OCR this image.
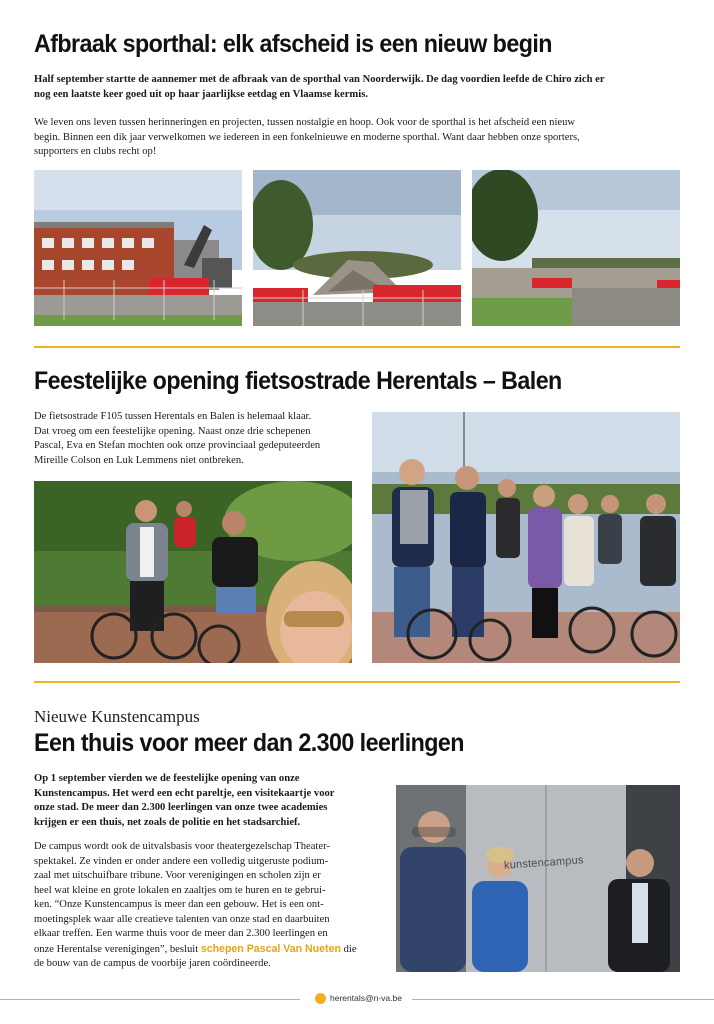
Afbraak sporthal: elk afscheid is een nieuw begin
Half september startte de aannemer met de afbraak van de sporthal van Noorderwijk. De dag voordien leefde de Chiro zich er
nog een laatste keer goed uit op haar jaarlijkse eetdag en Vlaamse kermis.
We leven ons leven tussen herinneringen en projecten, tussen nostalgie en hoop. Ook voor de sporthal is het afscheid een nieuw
begin. Binnen een dik jaar verwelkomen we iedereen in een fonkelnieuwe en moderne sporthal. Want daar hebben onze sporters,
supporters en clubs recht op!
Feestelijke opening fietsostrade Herentals – Balen
De fietsostrade F105 tussen Herentals en Balen is helemaal klaar.
Dat vroeg om een feestelijke opening. Naast onze drie schepenen
Pascal, Eva en Stefan mochten ook onze provinciaal gedeputeerden
Mireille Colson en Luk Lemmens niet ontbreken.
Nieuwe Kunstencampus
Een thuis voor meer dan 2.300 leerlingen
Op 1 september vierden we de feestelijke opening van onze
Kunstencampus. Het werd een echt pareltje, een visitekaartje voor
onze stad. De meer dan 2.300 leerlingen van onze twee academies
krijgen er een thuis, net zoals de politie en het stadsarchief.
De campus wordt ook de uitvalsbasis voor theatergezelschap Theater-
spektakel. Ze vinden er onder andere een volledig uitgeruste podium-
zaal met uitschuifbare tribune. Voor verenigingen en scholen zijn er
heel wat kleine en grote lokalen en zaaltjes om te huren en te gebrui-
ken. “Onze Kunstencampus is meer dan een gebouw. Het is een ont-
moetingsplek waar alle creatieve talenten van onze stad en daarbuiten
elkaar treffen. Een warme thuis voor de meer dan 2.300 leerlingen en
onze Herentalse verenigingen”, besluit schepen Pascal Van Nueten die
de bouw van de campus de voorbije jaren coördineerde.
kunstencampus
herentals@n-va.be
